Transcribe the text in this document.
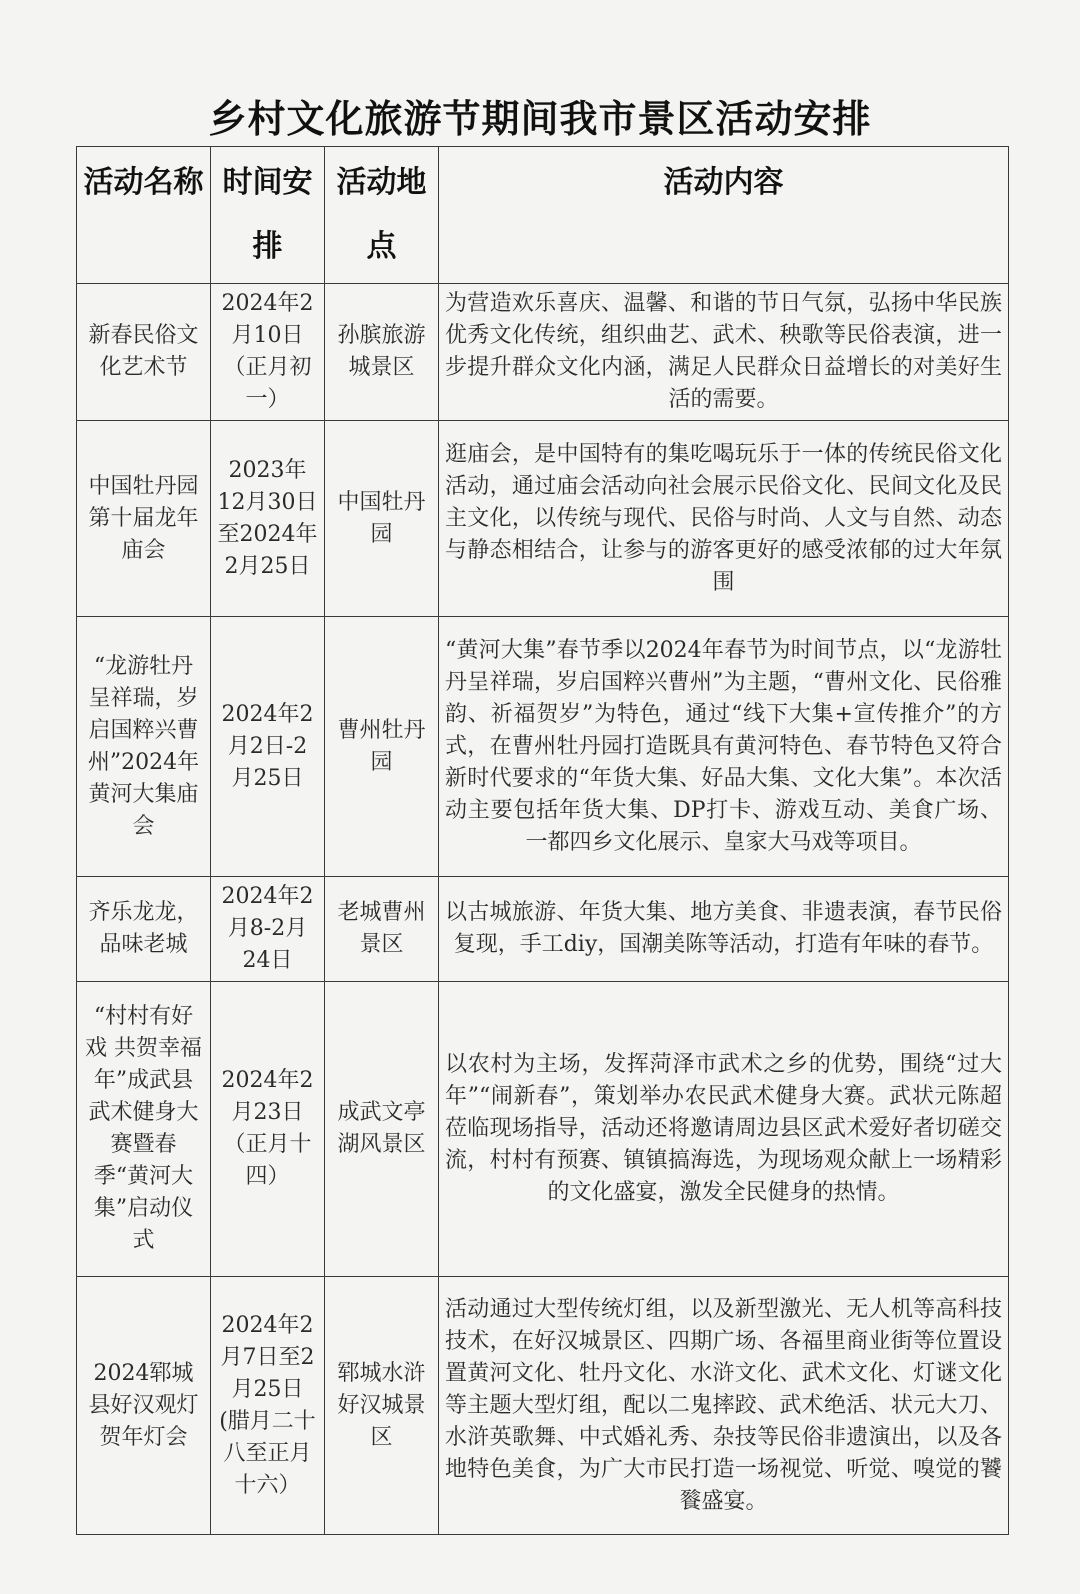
乡村文化旅游节期间我市景区活动安排
活动名称	时间安排	活动地点	活动内容

新春民俗文化艺术节	2024年2月10日（正月初一）	孙膑旅游城景区	为营造欢乐喜庆、温馨、和谐的节日气氛，弘扬中华民族优秀文化传统，组织曲艺、武术、秧歌等民俗表演，进一步提升群众文化内涵，满足人民群众日益增长的对美好生活的需要。
中国牡丹园第十届龙年庙会	2023年12月30日至2024年2月25日	中国牡丹园	逛庙会，是中国特有的集吃喝玩乐于一体的传统民俗文化活动，通过庙会活动向社会展示民俗文化、民间文化及民主文化，以传统与现代、民俗与时尚、人文与自然、动态与静态相结合，让参与的游客更好的感受浓郁的过大年氛围
“龙游牡丹呈祥瑞，岁启国粹兴曹州”2024年黄河大集庙会	2024年2月2日-2月25日	曹州牡丹园	“黄河大集”春节季以2024年春节为时间节点，以“龙游牡丹呈祥瑞，岁启国粹兴曹州”为主题，“曹州文化、民俗雅韵、祈福贺岁”为特色，通过“线下大集+宣传推介”的方式，在曹州牡丹园打造既具有黄河特色、春节特色又符合新时代要求的“年货大集、好品大集、文化大集”。本次活动主要包括年货大集、DP打卡、游戏互动、美食广场、一都四乡文化展示、皇家大马戏等项目。
齐乐龙龙，品味老城	2024年2月8-2月24日	老城曹州景区	以古城旅游、年货大集、地方美食、非遗表演，春节民俗复现，手工diy，国潮美陈等活动，打造有年味的春节。
“村村有好戏 共贺幸福年”成武县武术健身大赛暨春季“黄河大集”启动仪式	2024年2月23日（正月十四）	成武文亭湖风景区	以农村为主场，发挥菏泽市武术之乡的优势，围绕“过大年”“闹新春”，策划举办农民武术健身大赛。武状元陈超莅临现场指导，活动还将邀请周边县区武术爱好者切磋交流，村村有预赛、镇镇搞海选，为现场观众献上一场精彩的文化盛宴，激发全民健身的热情。
2024郓城县好汉观灯贺年灯会	2024年2月7日至2月25日(腊月二十八至正月十六）	郓城水浒好汉城景区	活动通过大型传统灯组，以及新型激光、无人机等高科技技术，在好汉城景区、四期广场、各福里商业街等位置设置黄河文化、牡丹文化、水浒文化、武术文化、灯谜文化等主题大型灯组，配以二鬼摔跤、武术绝活、状元大刀、水浒英歌舞、中式婚礼秀、杂技等民俗非遗演出，以及各地特色美食，为广大市民打造一场视觉、听觉、嗅觉的饕餮盛宴。
